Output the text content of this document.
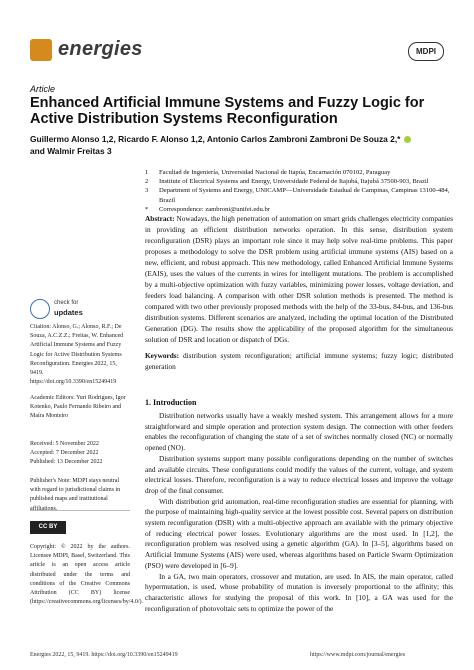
energies	MDPI
Article
Enhanced Artificial Immune Systems and Fuzzy Logic for Active Distribution Systems Reconfiguration
Guillermo Alonso 1,2, Ricardo F. Alonso 1,2, Antonio Carlos Zambroni Zambroni De Souza 2,*
and Walmir Freitas 3
1	Facultad de Ingeniería, Universidad Nacional de Itapúa, Encarnación 070102, Paraguay
2	Institute of Electrical Systems and Energy, Universidade Federal de Itajubá, Itajubá 37500-903, Brazil
3	Department of Systems and Energy, UNICAMP—Universidade Estadual de Campinas, Campinas 13100-484, Brazil
*	Correspondence: zambroni@unifei.edu.br
Abstract: Nowadays, the high penetration of automation on smart grids challenges electricity companies in providing an efficient distribution networks operation. In this sense, distribution system reconfiguration (DSR) plays an important role since it may help solve real-time problems. This paper proposes a methodology to solve the DSR problem using artificial immune systems (AIS) based on a new, efficient, and robust approach. This new methodology, called Enhanced Artificial Immune Systems (EAIS), uses the values of the currents in wires for intelligent mutations. The problem is accomplished by a multi-objective optimization with fuzzy variables, minimizing power losses, voltage deviation, and feeders load balancing. A comparison with other DSR solution methods is presented. The method is compared with two other previously proposed methods with the help of the 33-bus, 84-bus, and 136-bus distribution systems. Different scenarios are analyzed, including the optimal location of the Distributed Generation (DG). The results show the applicability of the proposed algorithm for the simultaneous solution of DSR and location or dispatch of DGs.
Keywords: distribution system reconfiguration; artificial immune systems; fuzzy logic; distributed generation
check for
updates
Citation: Alonso, G.; Alonso, R.F.; De Souza, A.C.Z.Z.; Freitas, W. Enhanced Artificial Immune Systems and Fuzzy Logic for Active Distribution Systems Reconfiguration. Energies 2022, 15, 9419. https://doi.org/10.3390/en15249419
Academic Editors: Yuri Rodrigues, Igor Kotenko, Paulo Fernando Ribeiro and Maíra Monteiro
Received: 5 November 2022
Accepted: 7 December 2022
Published: 13 December 2022
Publisher's Note: MDPI stays neutral with regard to jurisdictional claims in published maps and institutional affiliations.
CC BY
Copyright: © 2022 by the authors. Licensee MDPI, Basel, Switzerland. This article is an open access article distributed under the terms and conditions of the Creative Commons Attribution (CC BY) license (https://creativecommons.org/licenses/by/4.0/).
1. Introduction

Distribution networks usually have a weakly meshed system. This arrangement allows for a more straightforward and simple operation and protection system design. The connection with other feeders enables the reconfiguration of changing the state of a set of switches normally closed (NC) or normally opened (NO).

Distribution systems support many possible configurations depending on the number of switches and available circuits. These configurations could modify the values of the current, voltage, and system electrical losses. Therefore, reconfiguration is a way to reduce electrical losses and improve the voltage drop of the final consumer.

With distribution grid automation, real-time reconfiguration studies are essential for planning, with the purpose of maintaining high-quality service at the lowest possible cost. Several papers on distribution system reconfiguration (DSR) with a multi-objective approach are available with the primary objective of reducing electrical power losses. Evolutionary algorithms are the most used. In [1,2], the reconfiguration problem was resolved using a genetic algorithm (GA). In [3–5], algorithms based on Artificial Immune Systems (AIS) were used, whereas algorithms based on Particle Swarm Optimization (PSO) were developed in [6–9].

In a GA, two main operators, crossover and mutation, are used. In AIS, the main operator, called hypermutation, is used, whose probability of mutation is inversely proportional to the affinity; this characteristic allows for studying the proposal of this work. In [10], a GA was used for the reconfiguration of photovoltaic sets to optimize the power of the

Energies 2022, 15, 9419. https://doi.org/10.3390/en15249419	https://www.mdpi.com/journal/energies
